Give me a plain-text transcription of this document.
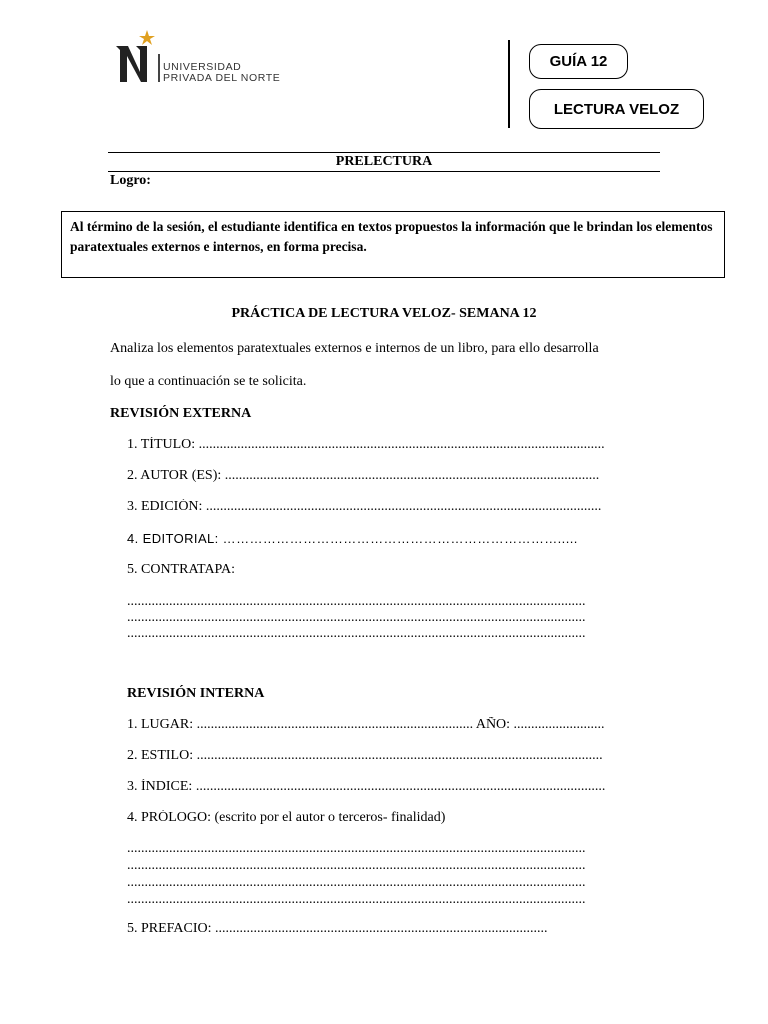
UNIVERSIDAD
PRIVADA DEL NORTE
GUÍA 12
LECTURA VELOZ
PRELECTURA
Logro:
Al término de la sesión, el estudiante identifica en textos propuestos la información que le brindan los elementos paratextuales externos e internos, en forma precisa.
PRÁCTICA DE LECTURA VELOZ- SEMANA 12
Analiza los elementos paratextuales externos e internos de un libro, para ello desarrolla
lo que a continuación se te solicita.
REVISIÓN EXTERNA
1. TÍTULO: ....................................................................................................................
2. AUTOR (ES): ...........................................................................................................
3. EDICIÓN: .................................................................................................................
4. EDITORIAL: ………………………………………………………………….....
5. CONTRATAPA:
...................................................................................................................................
...................................................................................................................................
...................................................................................................................................
REVISIÓN INTERNA
1. LUGAR: ............................................................................... AÑO: ..........................
2. ESTILO: ....................................................................................................................
3. ÍNDICE: .....................................................................................................................
4. PRÓLOGO: (escrito por el autor o terceros- finalidad)
...................................................................................................................................
...................................................................................................................................
...................................................................................................................................
...................................................................................................................................
5. PREFACIO: ...............................................................................................
